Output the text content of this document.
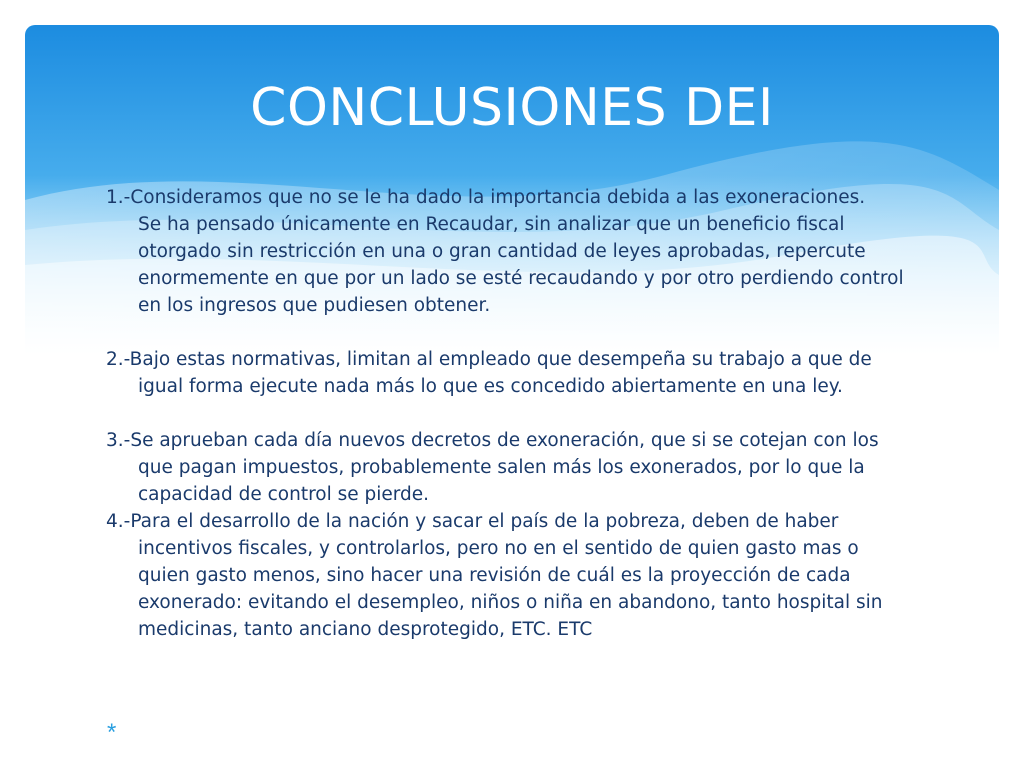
CONCLUSIONES DEI

1.-Consideramos que no se le ha dado la importancia debida a las exoneraciones.

Se ha pensado únicamente en Recaudar, sin analizar que un beneficio fiscal otorgado sin restricción en una o gran cantidad de leyes aprobadas, repercute enormemente en que por un lado se esté recaudando y por otro perdiendo control en los ingresos que pudiesen obtener.

2.-Bajo estas normativas, limitan al empleado que desempeña su trabajo a que de igual forma ejecute nada más lo que es concedido abiertamente en una ley.

3.-Se aprueban cada día nuevos decretos de exoneración, que si se cotejan con los que pagan impuestos, probablemente salen más los exonerados, por lo que la capacidad de control se pierde.

4.-Para el desarrollo de la nación y sacar el país de la pobreza, deben de haber incentivos fiscales, y controlarlos, pero no en el sentido de quien gasto mas o quien gasto menos, sino hacer una revisión de cuál es la proyección de cada exonerado: evitando el desempleo, niños o niña en abandono, tanto hospital sin medicinas, tanto anciano desprotegido, ETC. ETC

*
